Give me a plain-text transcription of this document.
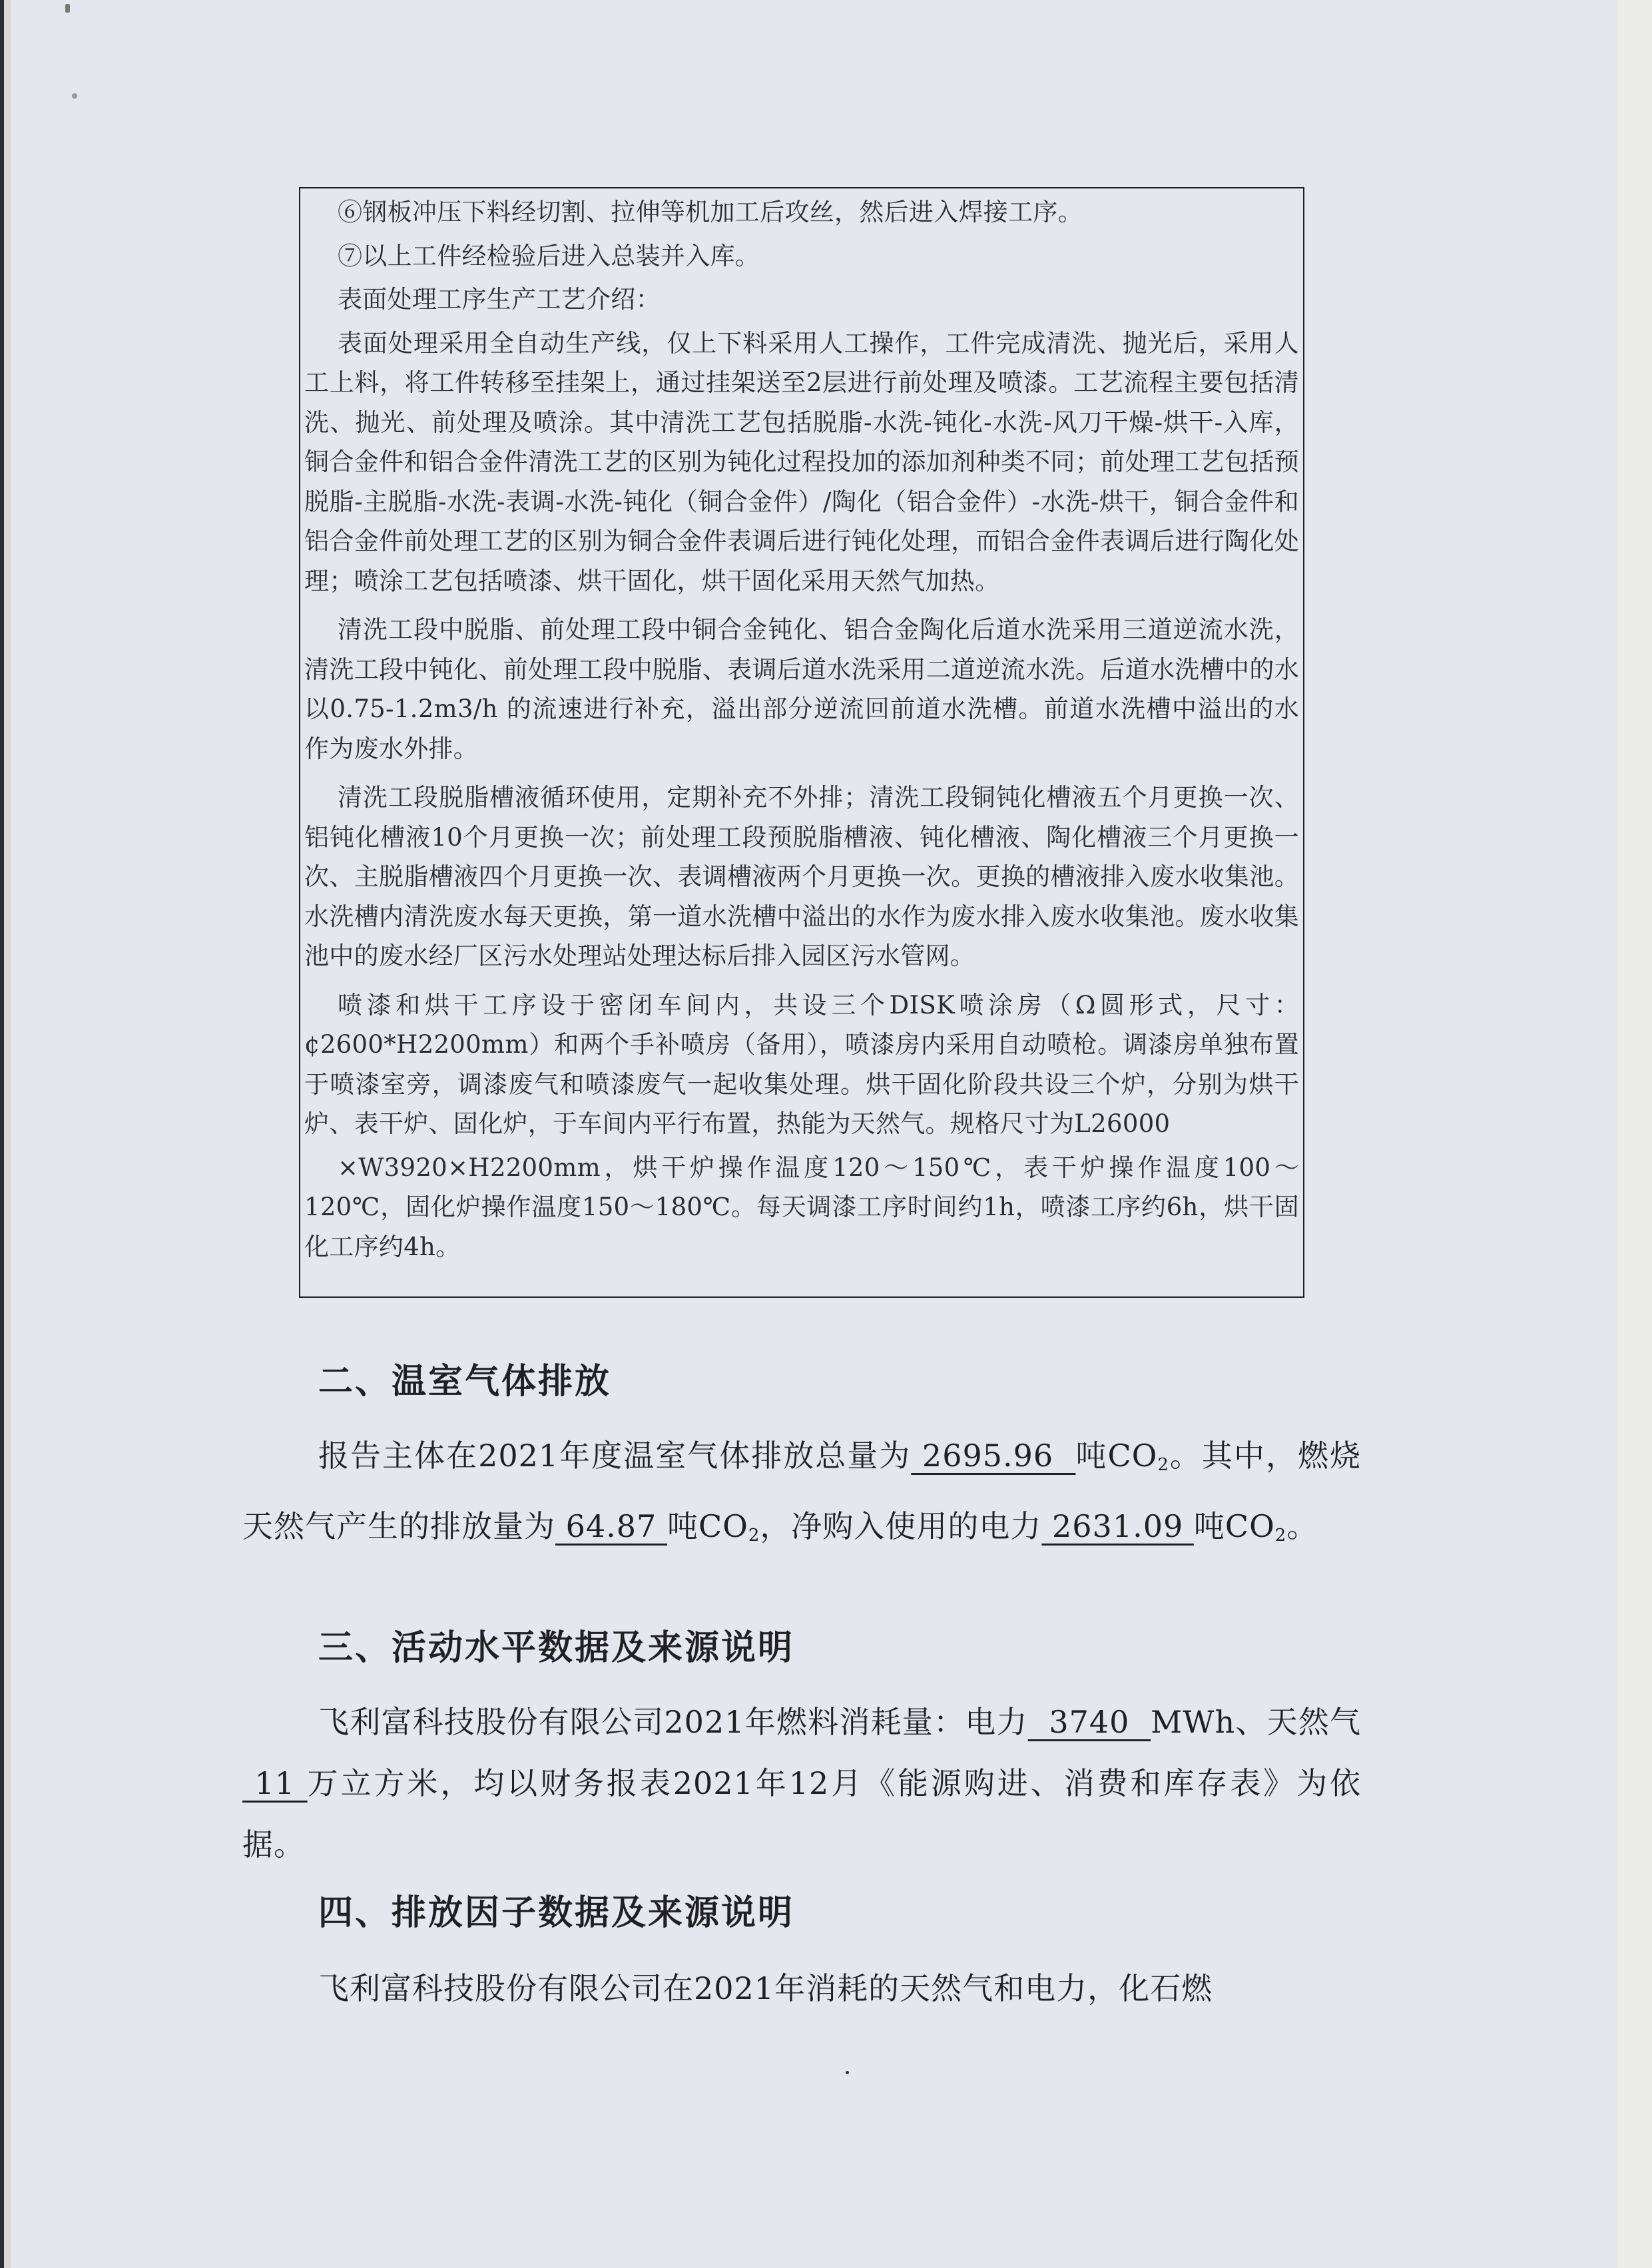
⑥钢板冲压下料经切割、拉伸等机加工后攻丝，然后进入焊接工序。

⑦以上工件经检验后进入总装并入库。

表面处理工序生产工艺介绍：

表面处理采用全自动生产线，仅上下料采用人工操作，工件完成清洗、抛光后，采用人工上料，将工件转移至挂架上，通过挂架送至2层进行前处理及喷漆。工艺流程主要包括清洗、抛光、前处理及喷涂。其中清洗工艺包括脱脂-水洗-钝化-水洗-风刀干燥-烘干-入库，铜合金件和铝合金件清洗工艺的区别为钝化过程投加的添加剂种类不同；前处理工艺包括预脱脂-主脱脂-水洗-表调-水洗-钝化（铜合金件）/陶化（铝合金件）-水洗-烘干，铜合金件和铝合金件前处理工艺的区别为铜合金件表调后进行钝化处理，而铝合金件表调后进行陶化处理；喷涂工艺包括喷漆、烘干固化，烘干固化采用天然气加热。

清洗工段中脱脂、前处理工段中铜合金钝化、铝合金陶化后道水洗采用三道逆流水洗，清洗工段中钝化、前处理工段中脱脂、表调后道水洗采用二道逆流水洗。后道水洗槽中的水以0.75-1.2m3/h 的流速进行补充，溢出部分逆流回前道水洗槽。前道水洗槽中溢出的水作为废水外排。

清洗工段脱脂槽液循环使用，定期补充不外排；清洗工段铜钝化槽液五个月更换一次、铝钝化槽液10个月更换一次；前处理工段预脱脂槽液、钝化槽液、陶化槽液三个月更换一次、主脱脂槽液四个月更换一次、表调槽液两个月更换一次。更换的槽液排入废水收集池。水洗槽内清洗废水每天更换，第一道水洗槽中溢出的水作为废水排入废水收集池。废水收集池中的废水经厂区污水处理站处理达标后排入园区污水管网。

喷漆和烘干工序设于密闭车间内，共设三个DISK喷涂房（Ω圆形式，尺寸：¢2600*H2200mm）和两个手补喷房（备用），喷漆房内采用自动喷枪。调漆房单独布置于喷漆室旁，调漆废气和喷漆废气一起收集处理。烘干固化阶段共设三个炉，分别为烘干炉、表干炉、固化炉，于车间内平行布置，热能为天然气。规格尺寸为L26000

×W3920×H2200mm，烘干炉操作温度120～150℃，表干炉操作温度100～120℃，固化炉操作温度150～180℃。每天调漆工序时间约1h，喷漆工序约6h，烘干固化工序约4h。

二、温室气体排放

报告主体在2021年度温室气体排放总量为 2695.96  吨$CO_2$。其中，燃烧天然气产生的排放量为 64.87 吨$CO_2$，净购入使用的电力 2631.09 吨$CO_2$。

三、活动水平数据及来源说明

飞利富科技股份有限公司2021年燃料消耗量：电力  3740  MWh、天然气 11 万立方米，均以财务报表2021年12月《能源购进、消费和库存表》为依据。

四、排放因子数据及来源说明

飞利富科技股份有限公司在2021年消耗的天然气和电力，化石燃
